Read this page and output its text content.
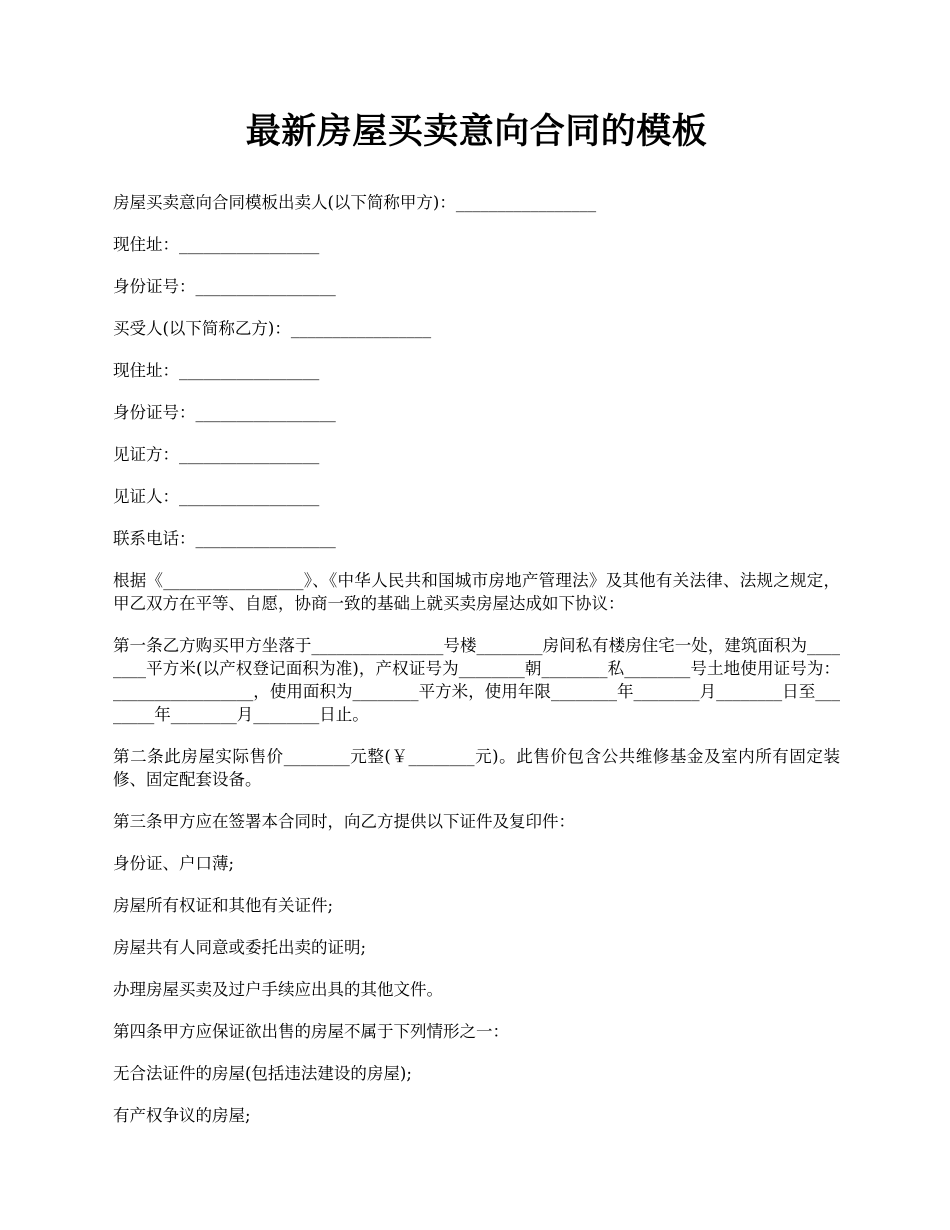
最新房屋买卖意向合同的模板

房屋买卖意向合同模板出卖人(以下简称甲方)：_________________

现住址：_________________

身份证号：_________________

买受人(以下简称乙方)：_________________

现住址：_________________

身份证号：_________________

见证方：_________________

见证人：_________________

联系电话：_________________

根据《_________________》、《中华人民共和国城市房地产管理法》及其他有关法律、法规之规定，甲乙双方在平等、自愿，协商一致的基础上就买卖房屋达成如下协议：

第一条乙方购买甲方坐落于________________号楼________房间私有楼房住宅一处，建筑面积为________平方米(以产权登记面积为准)，产权证号为________朝________私________号土地使用证号为：_________________，使用面积为________平方米，使用年限________年________月________日至________年________月________日止。

第二条此房屋实际售价________元整(￥________元)。此售价包含公共维修基金及室内所有固定装修、固定配套设备。

第三条甲方应在签署本合同时，向乙方提供以下证件及复印件：

身份证、户口薄;

房屋所有权证和其他有关证件;

房屋共有人同意或委托出卖的证明;

办理房屋买卖及过户手续应出具的其他文件。

第四条甲方应保证欲出售的房屋不属于下列情形之一：

无合法证件的房屋(包括违法建设的房屋);

有产权争议的房屋;
